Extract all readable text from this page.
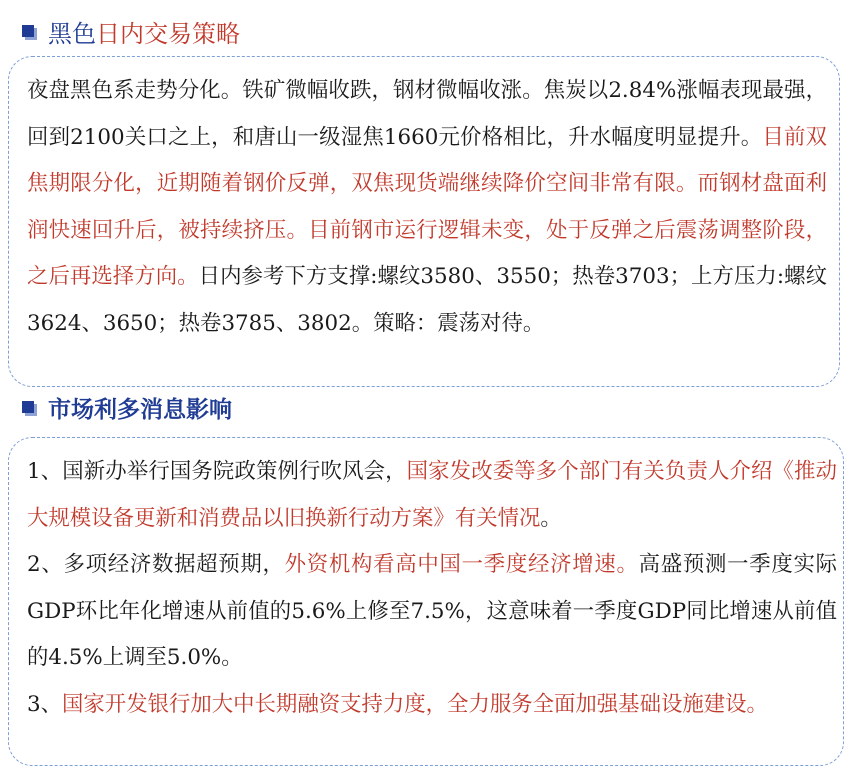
黑色 日内交易策略

夜盘黑色系走势分化。铁矿微幅收跌，钢材微幅收涨。焦炭以2.84%涨幅表现最强，回到2100关口之上，和唐山一级湿焦1660元价格相比，升水幅度明显提升。目前双焦期限分化，近期随着钢价反弹，双焦现货端继续降价空间非常有限。而钢材盘面利润快速回升后，被持续挤压。目前钢市运行逻辑未变，处于反弹之后震荡调整阶段，之后再选择方向。日内参考下方支撑:螺纹3580、3550；热卷3703；上方压力:螺纹3624、3650；热卷3785、3802。策略：震荡对待。

市场利多消息影响

1、国新办举行国务院政策例行吹风会，国家发改委等多个部门有关负责人介绍《推动大规模设备更新和消费品以旧换新行动方案》有关情况。

2、多项经济数据超预期，外资机构看高中国一季度经济增速。高盛预测一季度实际GDP环比年化增速从前值的5.6%上修至7.5%，这意味着一季度GDP同比增速从前值的4.5%上调至5.0%。

3、国家开发银行加大中长期融资支持力度，全力服务全面加强基础设施建设。
